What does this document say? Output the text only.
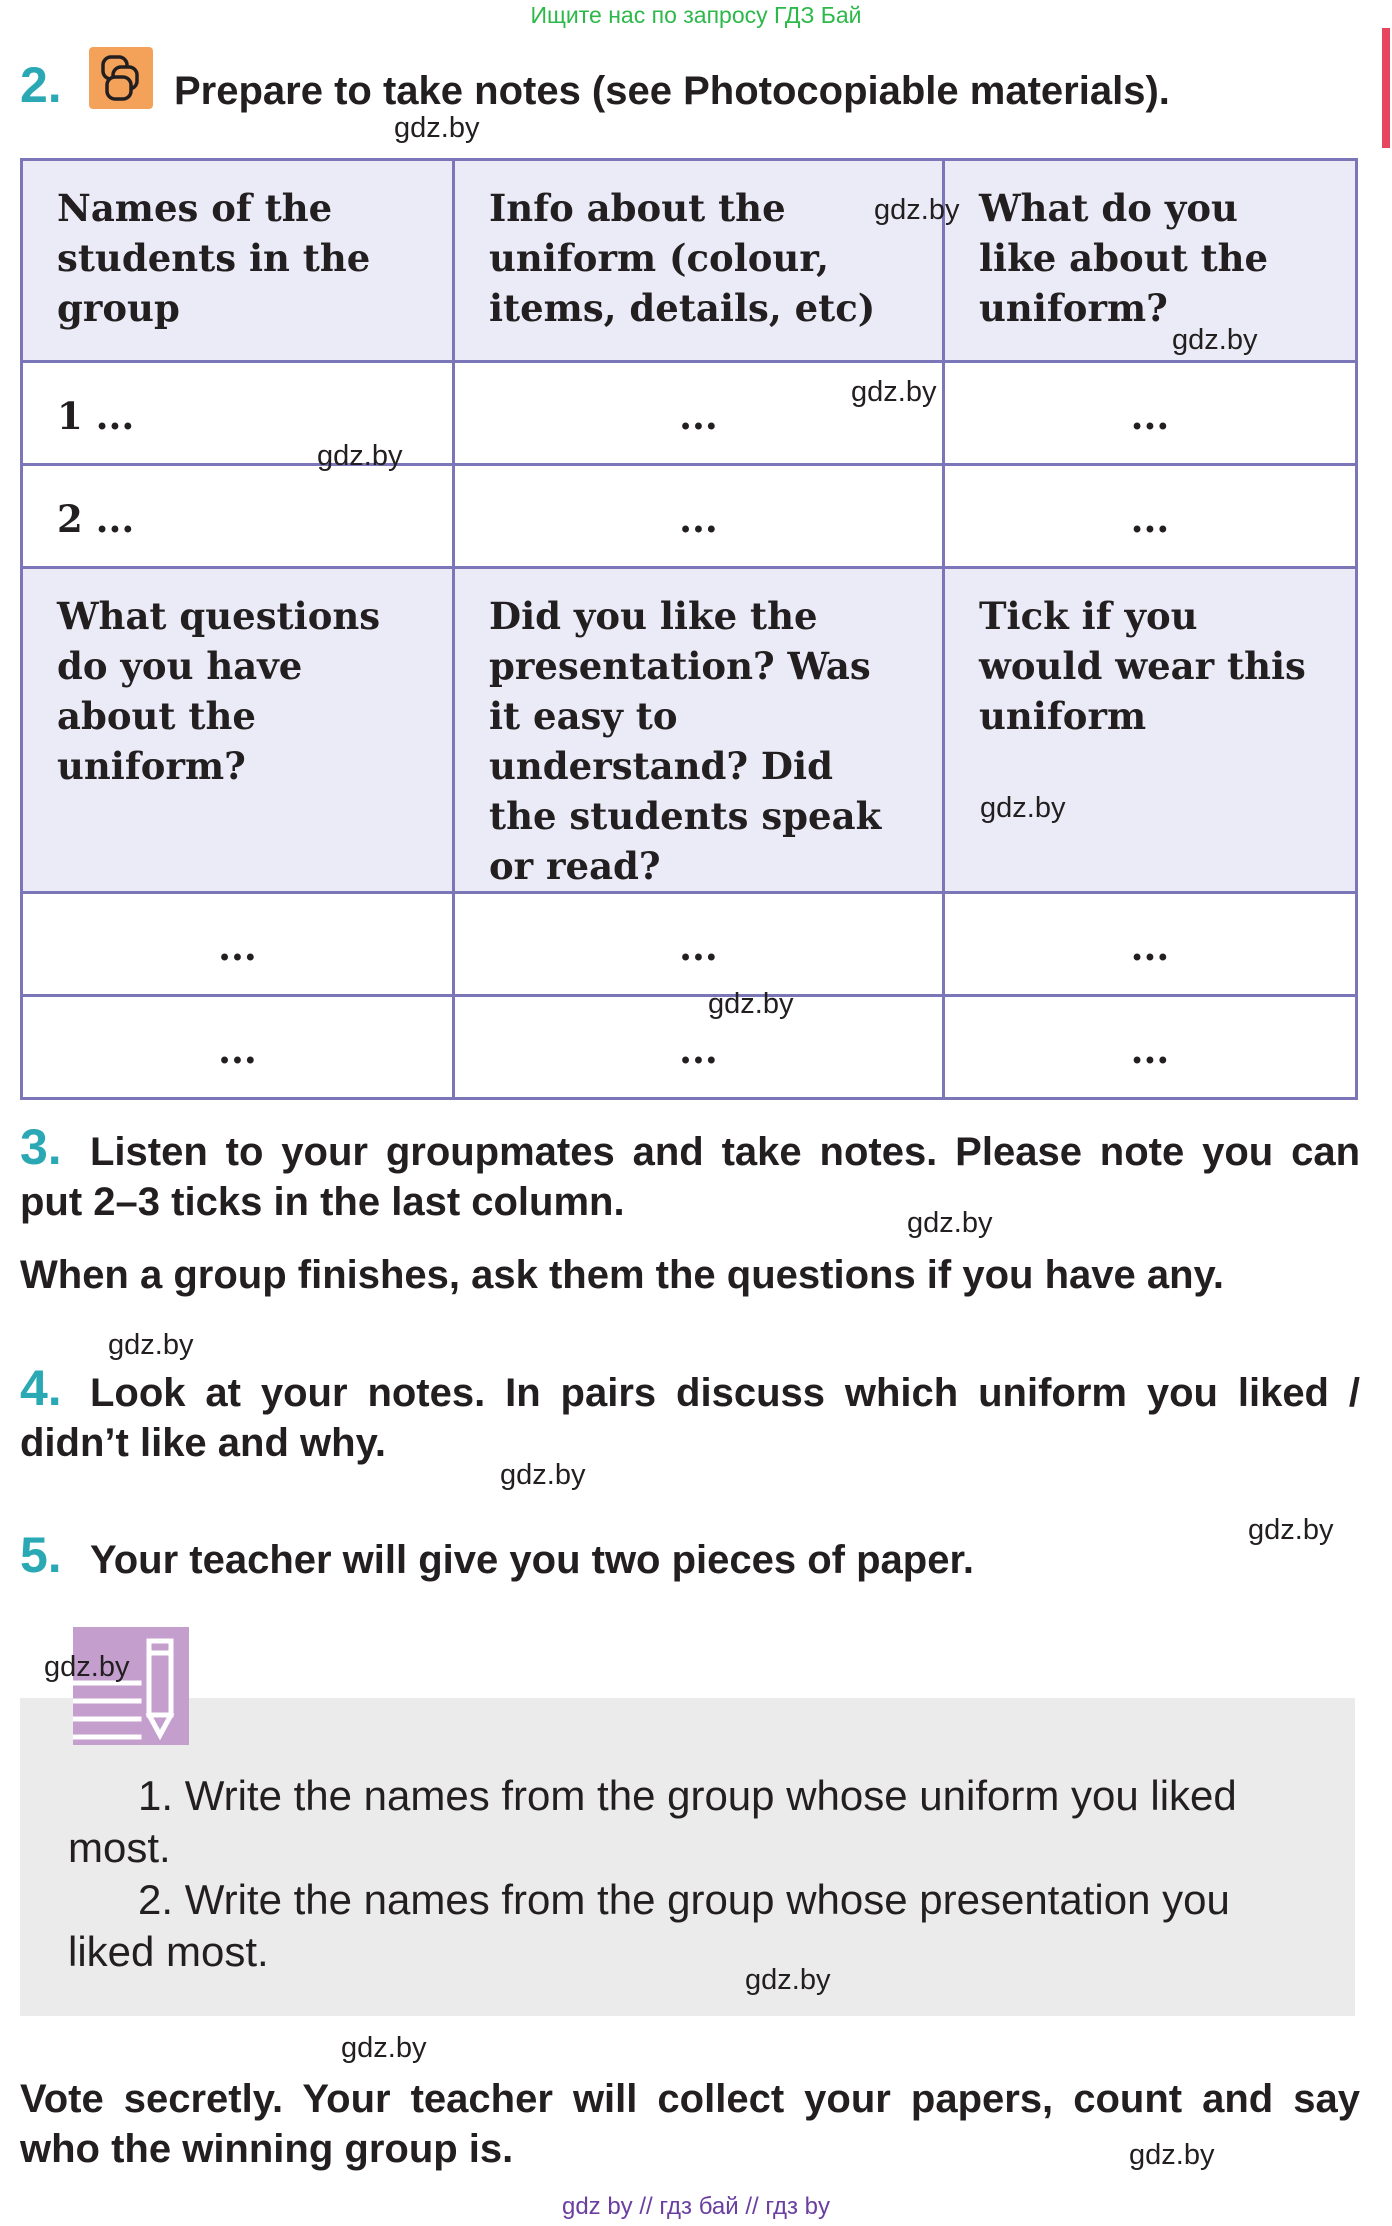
Ищите нас по запросу ГДЗ Бай
2.	Prepare to take notes (see Photocopiable materials).
Names of the students in the group	Info about the uniform (colour, items, details, etc)	What do you like about the uniform?
1 ...	...	...
2 ...	...	...
What questions do you have about the uniform?	Did you like the presentation? Was it easy to understand? Did the students speak or read?	Tick if you would wear this uniform
...	...	...
...	...	...
3. Listen to your groupmates and take notes. Please note you can
put 2–3 ticks in the last column.
When a group finishes, ask them the questions if you have any.
4. Look at your notes. In pairs discuss which uniform you liked /
didn’t like and why.
5. Your teacher will give you two pieces of paper.
1. Write the names from the group whose uniform you liked most.
2. Write the names from the group whose presentation you liked most.
Vote secretly. Your teacher will collect your papers, count and say who the winning group is.
gdz.by
gdz.by
gdz.by
gdz.by
gdz.by
gdz.by
gdz.by
gdz.by
gdz.by
gdz.by
gdz.by
gdz.by
gdz.by
gdz.by
gdz.by
gdz by // гдз бай // гдз by
